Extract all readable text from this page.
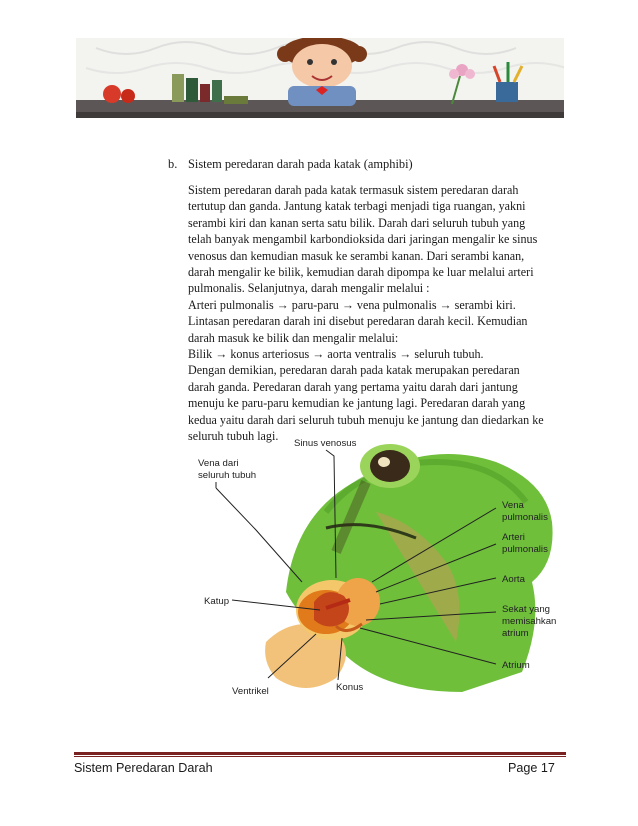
b. Sistem peredaran darah pada katak (amphibi)

Sistem peredaran darah pada katak termasuk sistem peredaran darah

tertutup dan ganda. Jantung katak terbagi menjadi tiga ruangan, yakni

serambi kiri dan kanan serta satu bilik. Darah dari seluruh tubuh yang

telah banyak mengambil karbondioksida dari jaringan mengalir ke sinus

venosus dan kemudian masuk ke serambi kanan. Dari serambi kanan,

darah mengalir ke bilik, kemudian darah dipompa ke luar melalui arteri

pulmonalis. Selanjutnya, darah mengalir melalui :

Arteri pulmonalis → paru-paru → vena pulmonalis → serambi kiri.

Lintasan peredaran darah ini disebut peredaran darah kecil. Kemudian

darah masuk ke bilik dan mengalir melalui:

Bilik → konus arteriosus → aorta ventralis → seluruh tubuh.

Dengan demikian, peredaran darah pada katak merupakan peredaran

darah ganda. Peredaran darah yang pertama yaitu darah dari jantung

menuju ke paru-paru kemudian ke jantung lagi. Peredaran darah yang

kedua yaitu darah dari seluruh tubuh menuju ke jantung dan diedarkan ke

seluruh tubuh lagi.

Vena dari
seluruh tubuh
Sinus venosus
Vena
pulmonalis
Arteri
pulmonalis
Aorta
Katup
Sekat yang
memisahkan
atrium
Atrium
Ventrikel	Konus
Sistem Peredaran Darah	Page 17
